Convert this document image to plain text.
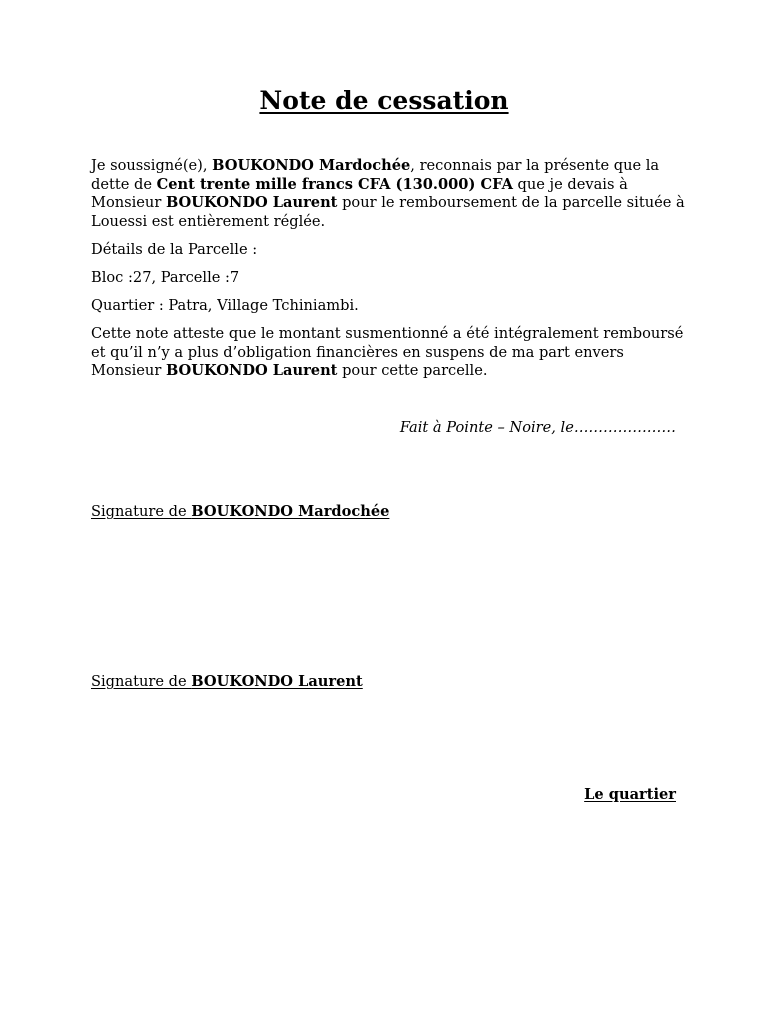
Note de cessation

Je soussigné(e), BOUKONDO Mardochée, reconnais par la présente que la dette de Cent trente mille francs CFA (130.000) CFA que je devais à Monsieur BOUKONDO Laurent pour le remboursement de la parcelle située à Louessi est entièrement réglée.

Détails de la Parcelle :

Bloc :27, Parcelle :7

Quartier : Patra, Village Tchiniambi.

Cette note atteste que le montant susmentionné a été intégralement remboursé et qu’il n’y a plus d’obligation financières en suspens de ma part envers Monsieur BOUKONDO Laurent pour cette parcelle.

Fait à Pointe – Noire, le…………………
Signature de BOUKONDO Mardochée
Signature de BOUKONDO Laurent
Le quartier
